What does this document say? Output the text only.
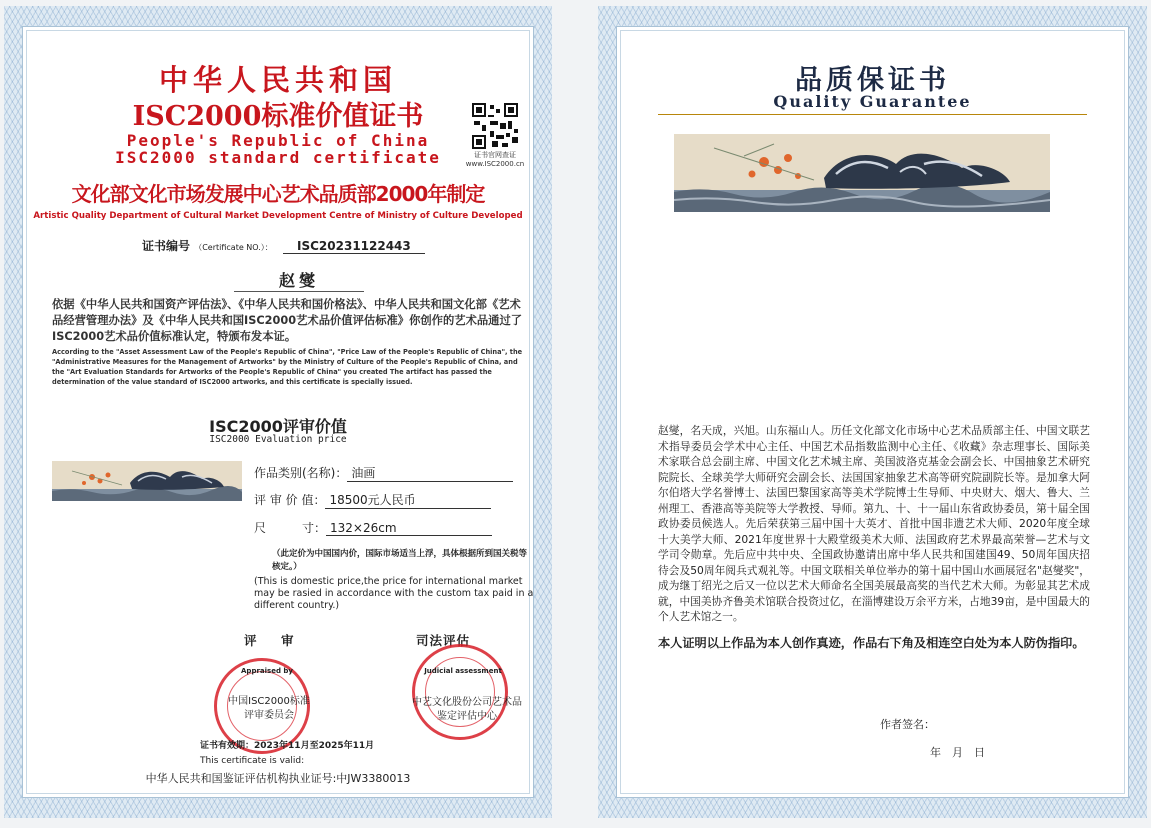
中华人民共和国
ISC2000标准价值证书
People's Republic of China
ISC2000 standard certificate	证书官网查证
www.ISC2000.cn
文化部文化市场发展中心艺术品质部2000年制定
Artistic Quality Department of Cultural Market Development Centre of Ministry of Culture Developed
证书编号 （Certificate NO.）： ISC20231122443
赵燮
依据《中华人民共和国资产评估法》、《中华人民共和国价格法》、中华人民共和国文化部《艺术品经营管理办法》及《中华人民共和国ISC2000艺术品价值评估标准》你创作的艺术品通过了ISC2000艺术品价值标准认定，特颁布发本证。
According to the "Asset Assessment Law of the People's Republic of China", "Price Law of the People's Republic of China", the "Administrative Measures for the Management of Artworks" by the Ministry of Culture of the People's Republic of China, and the "Art Evaluation Standards for Artworks of the People's Republic of China" you created The artifact has passed the determination of the value standard of ISC2000 artworks, and this certificate is specially issued.
ISC2000评审价值
ISC2000 Evaluation price
作品类别(名称)： 油画
评 审 价 值： 18500元人民币
尺　　　寸： 132×26cm
（此定价为中国国内价，国际市场适当上浮，具体根据所到国关税等核定。）
(This is domestic price,the price for international market may be rasied in accordance with the custom tax paid in a different country.)
评　审	司法评估
Appraised by
中国ISC2000标准
评审委员会
Judicial assessment
中艺文化股份公司艺术品
鉴定评估中心
证书有效期：2023年11月至2025年11月
This certificate is valid:
中华人民共和国鉴证评估机构执业证号:中JW3380013
品质保证书
Quality Guarantee
赵燮，名天成，兴旭。山东福山人。历任文化部文化市场中心艺术品质部主任、中国文联艺术指导委员会学术中心主任、中国艺术品指数监测中心主任、《收藏》杂志理事长、国际美术家联合总会副主席、中国文化艺术城主席、美国波洛克基金会副会长、中国抽象艺术研究院院长、全球美学大师研究会副会长、法国国家抽象艺术高等研究院副院长等。是加拿大阿尔伯塔大学名誉博士、法国巴黎国家高等美术学院博士生导师、中央财大、烟大、鲁大、兰州理工、香港高等美院等大学教授、导师。第九、十、十一届山东省政协委员，第十届全国政协委员候选人。先后荣获第三届中国十大英才、首批中国非遗艺术大师、2020年度全球十大美学大师、2021年度世界十大殿堂级美术大师、法国政府艺术界最高荣誉—艺术与文学司令勋章。先后应中共中央、全国政协邀请出席中华人民共和国建国49、50周年国庆招待会及50周年阅兵式观礼等。中国文联相关单位举办的第十届中国山水画展冠名"赵燮奖"，成为继丁绍光之后又一位以艺术大师命名全国美展最高奖的当代艺术大师。为彰显其艺术成就，中国美协齐鲁美术馆联合投资过亿，在淄博建设万余平方米，占地39亩，是中国最大的个人艺术馆之一。
本人证明以上作品为本人创作真迹，作品右下角及相连空白处为本人防伪指印。
作者签名：
年　月　日
